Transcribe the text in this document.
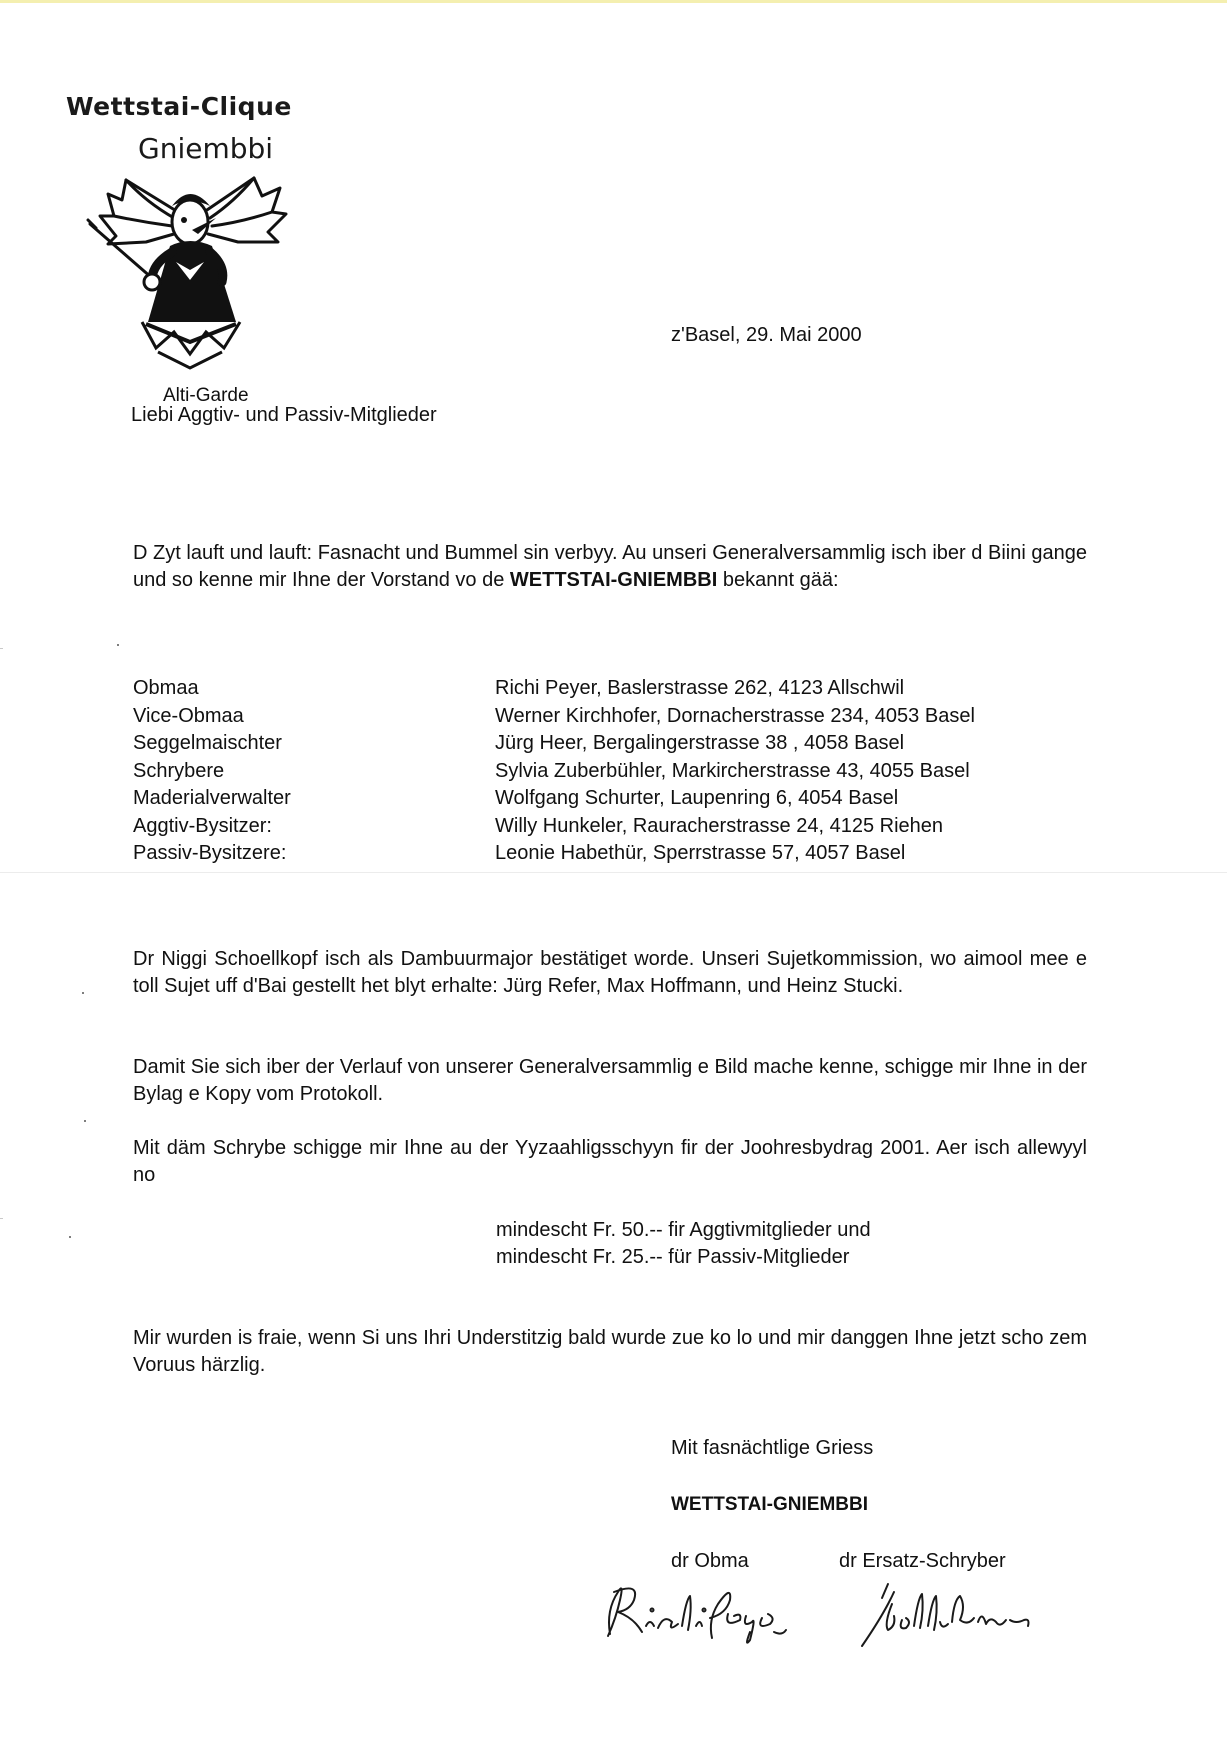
Wettstai-Clique
Gniembbi
Alti-Garde
z'Basel, 29. Mai 2000
Liebi Aggtiv- und Passiv-Mitglieder

D Zyt lauft und lauft: Fasnacht und Bummel sin verbyy. Au unseri Generalversammlig isch iber d Biini gange und so kenne mir Ihne der Vorstand vo de WETTSTAI-GNIEMBBI bekannt gää:

Obmaa	Richi Peyer, Baslerstrasse 262, 4123 Allschwil
Vice-Obmaa	Werner Kirchhofer, Dornacherstrasse 234, 4053 Basel
Seggelmaischter	Jürg Heer, Bergalingerstrasse 38 , 4058 Basel
Schrybere	Sylvia Zuberbühler, Markircherstrasse 43, 4055 Basel
Maderialverwalter	Wolfgang Schurter, Laupenring 6, 4054 Basel
Aggtiv-Bysitzer:	Willy Hunkeler, Rauracherstrasse 24, 4125 Riehen
Passiv-Bysitzere:	Leonie Habethür, Sperrstrasse 57, 4057 Basel

Dr Niggi Schoellkopf isch als Dambuurmajor bestätiget worde. Unseri Sujetkommission, wo aimool mee e toll Sujet uff d'Bai gestellt het blyt erhalte: Jürg Refer, Max Hoffmann, und Heinz Stucki.

Damit Sie sich iber der Verlauf von unserer Generalversammlig e Bild mache kenne, schigge mir Ihne in der Bylag e Kopy vom Protokoll.

Mit däm Schrybe schigge mir Ihne au der Yyzaahligsschyyn fir der Joohresbydrag 2001. Aer isch allewyyl no

mindescht Fr. 50.-- fir Aggtivmitglieder und
mindescht Fr. 25.-- für Passiv-Mitglieder

Mir wurden is fraie, wenn Si uns Ihri Understitzig bald wurde zue ko lo und mir danggen Ihne jetzt scho zem Voruus härzlig.

Mit fasnächtlige Griess
WETTSTAI-GNIEMBBI
dr Obma	dr Ersatz-Schryber
